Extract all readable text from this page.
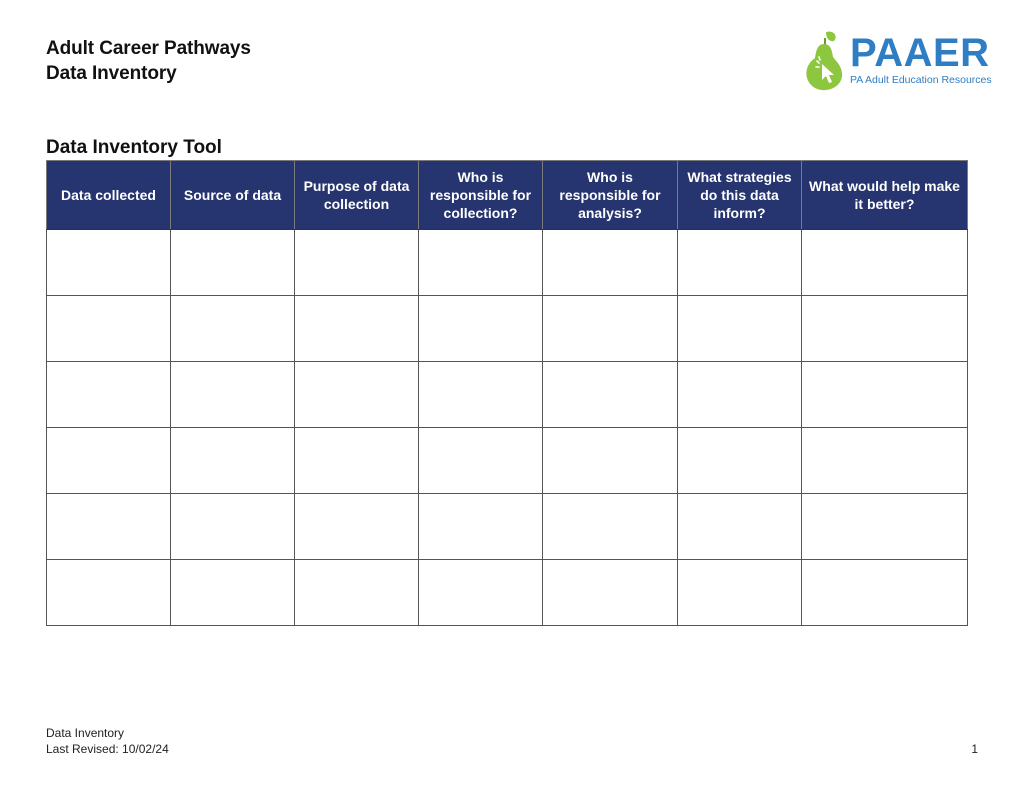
Adult Career Pathways
Data Inventory	PAAER
PA Adult Education Resources
Data Inventory Tool
Data collected	Source of data	Purpose of data collection	Who is responsible for collection?	Who is responsible for analysis?	What strategies do this data inform?	What would help make it better?

Data Inventory
Last Revised: 10/02/24	1
